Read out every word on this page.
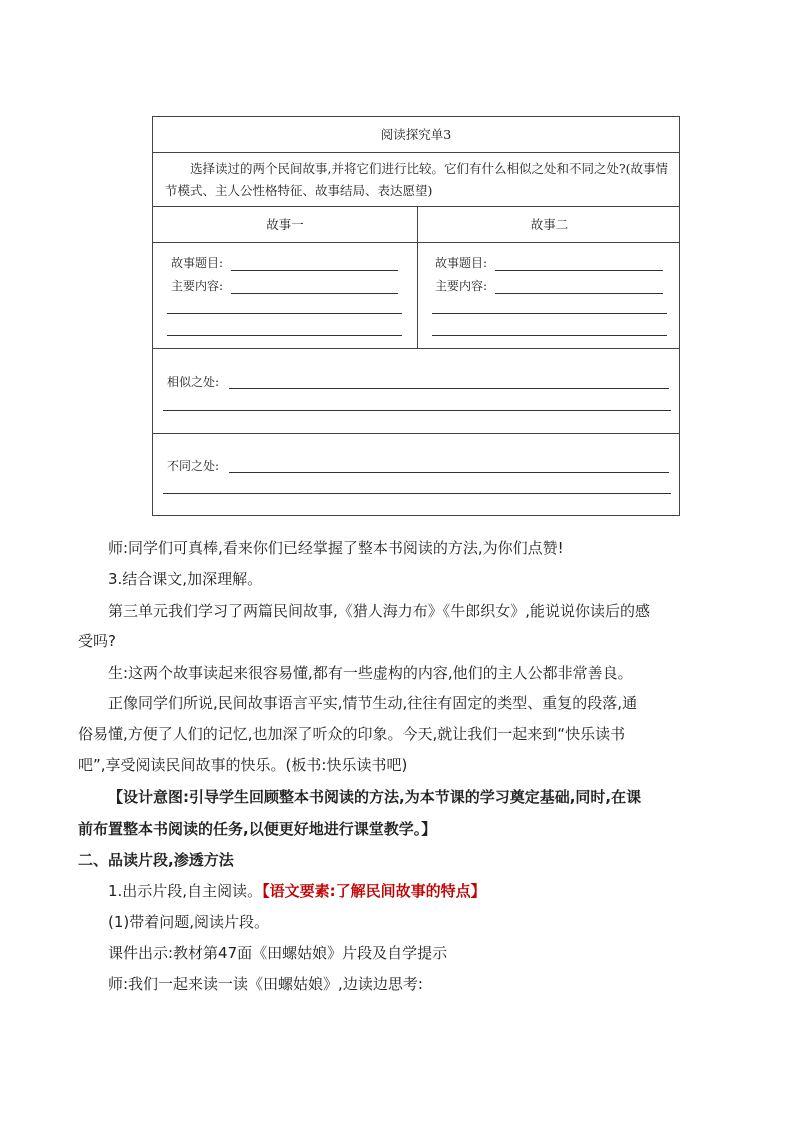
阅读探究单3
选择读过的两个民间故事,并将它们进行比较。它们有什么相似之处和不同之处?(故事情节模式、主人公性格特征、故事结局、表达愿望)
故事一	故事二
故事题目:
主要内容:
故事题目:
主要内容:
相似之处:
不同之处:
师:同学们可真棒,看来你们已经掌握了整本书阅读的方法,为你们点赞!
3.结合课文,加深理解。
第三单元我们学习了两篇民间故事,《猎人海力布》《牛郎织女》,能说说你读后的感
受吗?
生:这两个故事读起来很容易懂,都有一些虚构的内容,他们的主人公都非常善良。
正像同学们所说,民间故事语言平实,情节生动,往往有固定的类型、重复的段落,通
俗易懂,方便了人们的记忆,也加深了听众的印象。今天,就让我们一起来到“快乐读书
吧”,享受阅读民间故事的快乐。(板书:快乐读书吧)
【设计意图:引导学生回顾整本书阅读的方法,为本节课的学习奠定基础,同时,在课
前布置整本书阅读的任务,以便更好地进行课堂教学。】
二、品读片段,渗透方法
1.出示片段,自主阅读。【语文要素:了解民间故事的特点】
(1)带着问题,阅读片段。
课件出示:教材第47面《田螺姑娘》片段及自学提示
师:我们一起来读一读《田螺姑娘》,边读边思考:
